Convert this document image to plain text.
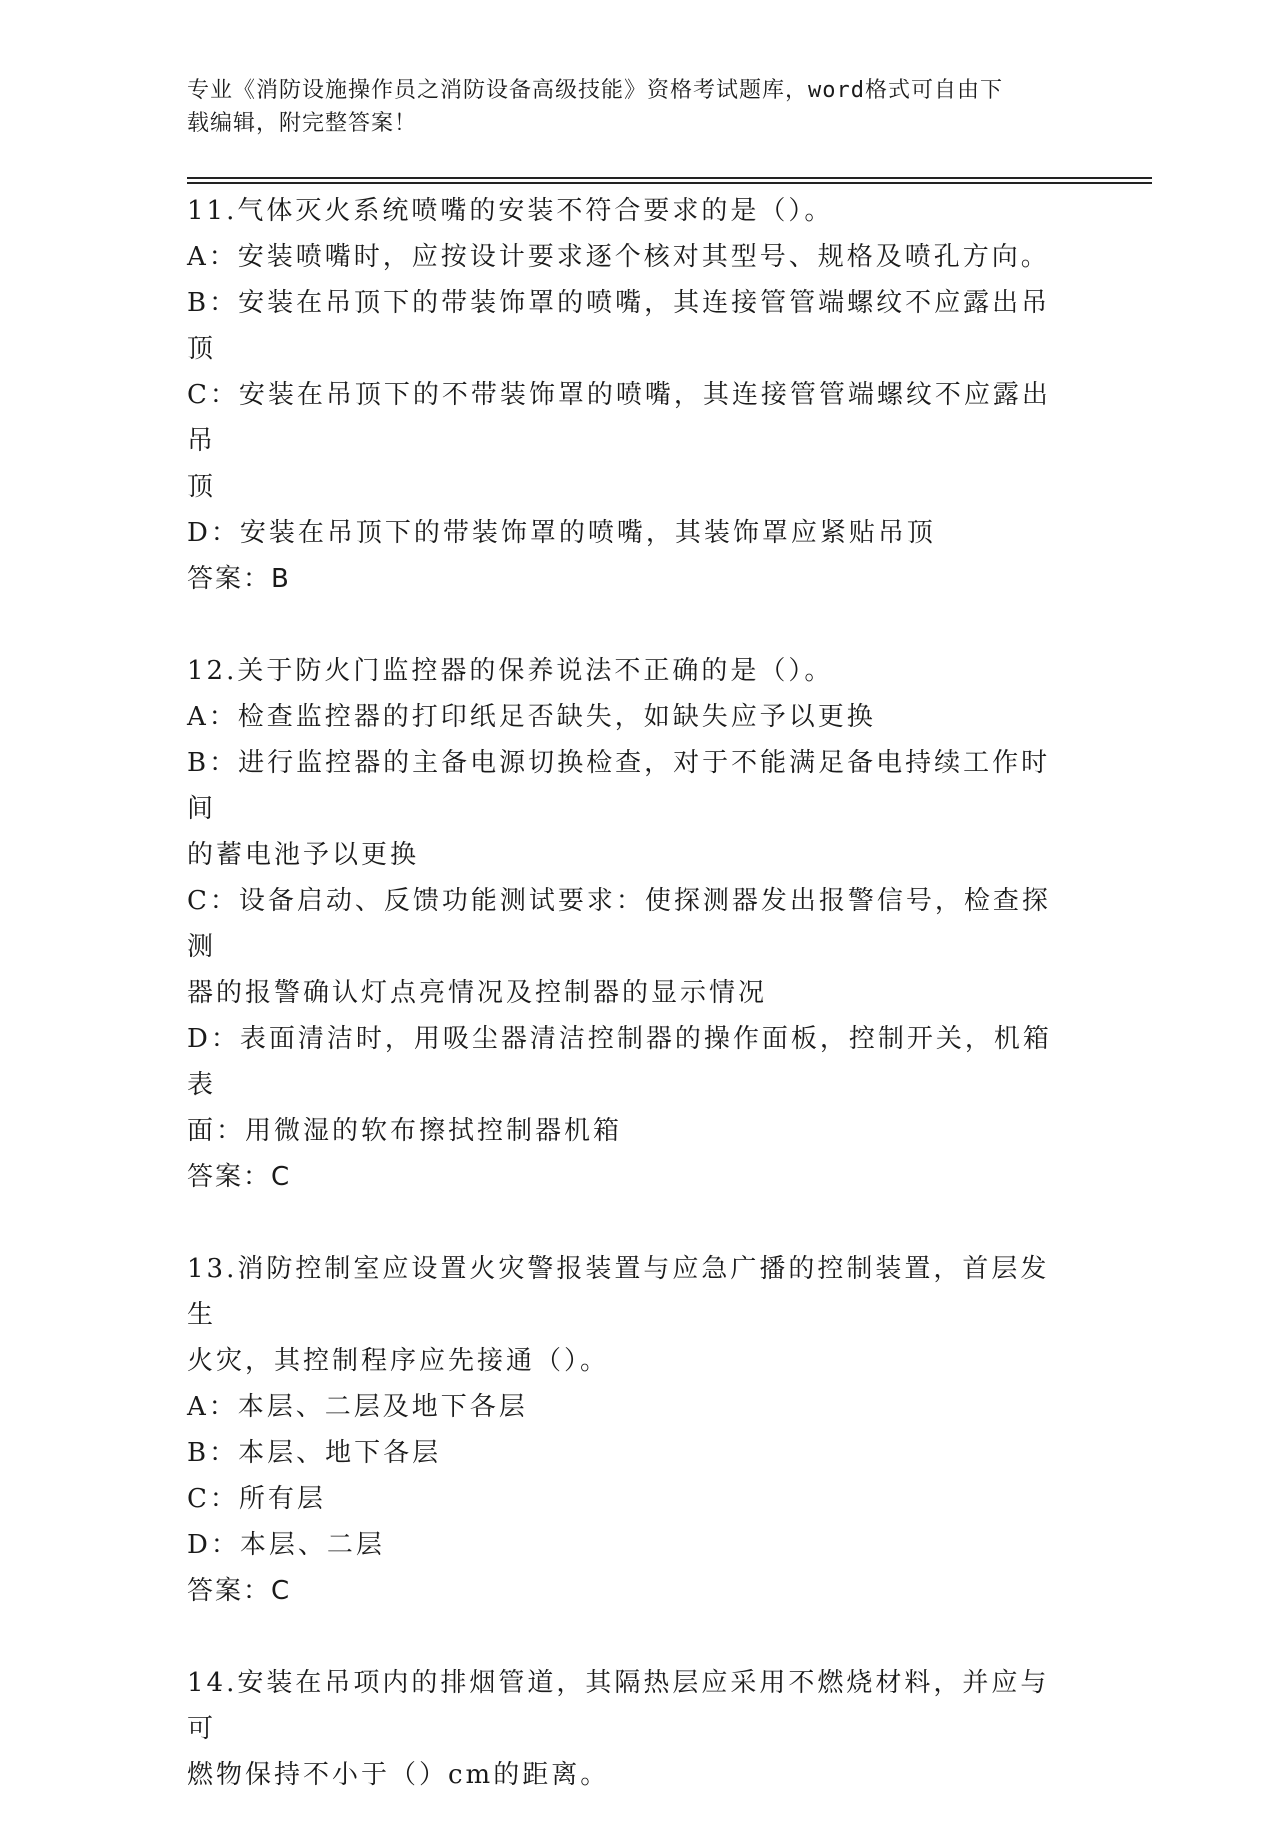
专业《消防设施操作员之消防设备高级技能》资格考试题库，word格式可自由下
载编辑，附完整答案！
11.气体灭火系统喷嘴的安装不符合要求的是（）。
A：安装喷嘴时，应按设计要求逐个核对其型号、规格及喷孔方向。
B：安装在吊顶下的带装饰罩的喷嘴，其连接管管端螺纹不应露出吊顶
C：安装在吊顶下的不带装饰罩的喷嘴，其连接管管端螺纹不应露出吊
顶
D：安装在吊顶下的带装饰罩的喷嘴，其装饰罩应紧贴吊顶
答案：B
12.关于防火门监控器的保养说法不正确的是（）。
A：检查监控器的打印纸足否缺失，如缺失应予以更换
B：进行监控器的主备电源切换检查，对于不能满足备电持续工作时间
的蓄电池予以更换
C：设备启动、反馈功能测试要求：使探测器发出报警信号，检查探测
器的报警确认灯点亮情况及控制器的显示情况
D：表面清洁时，用吸尘器清洁控制器的操作面板，控制开关，机箱表
面：用微湿的软布擦拭控制器机箱
答案：C
13.消防控制室应设置火灾警报装置与应急广播的控制装置，首层发生
火灾，其控制程序应先接通（）。
A：本层、二层及地下各层
B：本层、地下各层
C：所有层
D：本层、二层
答案：C
14.安装在吊项内的排烟管道，其隔热层应采用不燃烧材料，并应与可
燃物保持不小于（）cm的距离。
